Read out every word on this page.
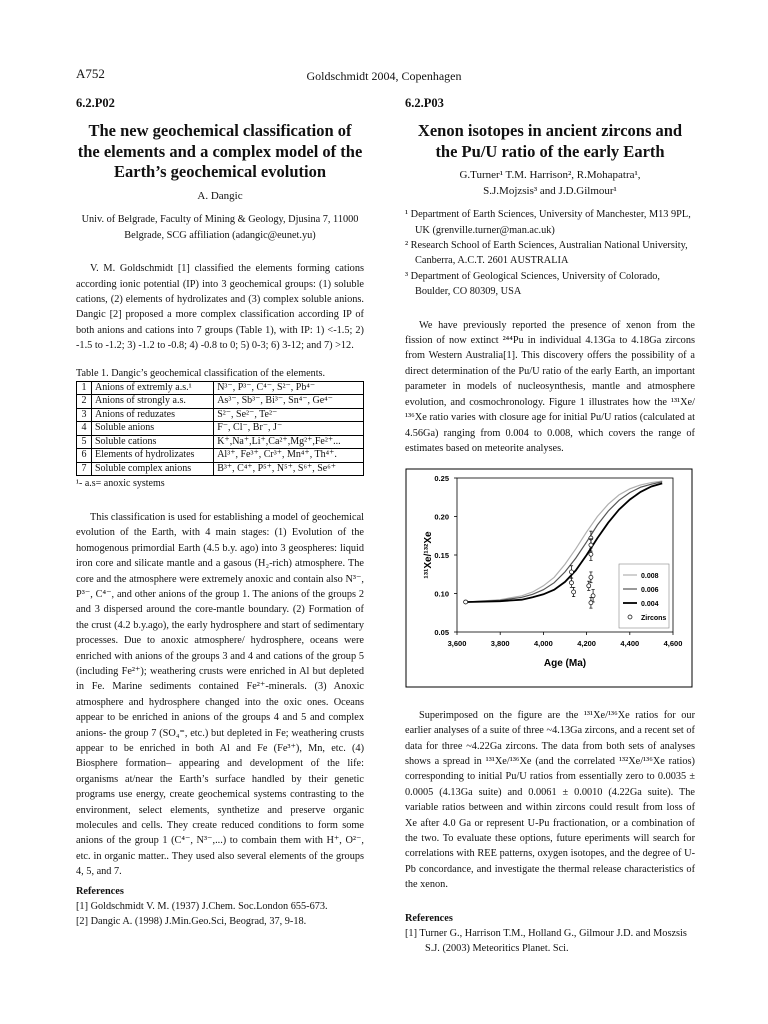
A752	Goldschmidt 2004, Copenhagen
6.2.P02
The new geochemical classification of the elements and a complex model of the Earth’s geochemical evolution
A. Dangic
Univ. of Belgrade, Faculty of Mining & Geology, Djusina 7, 11000 Belgrade, SCG affiliation (adangic@eunet.yu)

V. M. Goldschmidt [1] classified the elements forming cations according ionic potential (IP) into 3 geochemical groups: (1) soluble cations, (2) elements of hydrolizates and (3) complex soluble anions. Dangic [2] proposed a more complex classification according IP of both anions and cations into 7 groups (Table 1), with IP: 1) <-1.5; 2) -1.5 to -1.2; 3) -1.2 to -0.8; 4) -0.8 to 0; 5) 0-3; 6) 3-12; and 7) >12.

Table 1. Dangic’s geochemical classification of the elements.
1	Anions of extremly a.s.¹	N³⁻, P³⁻, C⁴⁻, S²⁻, Pb⁴⁻
2	Anions of strongly a.s.	As³⁻, Sb³⁻, Bi³⁻, Sn⁴⁻, Ge⁴⁻
3	Anions of reduzates	S²⁻, Se²⁻, Te²⁻
4	Soluble anions	F⁻, Cl⁻, Br⁻, J⁻
5	Soluble cations	K⁺,Na⁺,Li⁺,Ca²⁺,Mg²⁺,Fe²⁺...
6	Elements of hydrolizates	Al³⁺, Fe³⁺, Cr³⁺, Mn⁴⁺, Th⁴⁺.
7	Soluble complex anions	B³⁺, C⁴⁺, P⁵⁺, N⁵⁺, S⁶⁺, Se⁶⁺
¹- a.s= anoxic systems

This classification is used for establishing a model of geochemical evolution of the Earth, with 4 main stages: (1) Evolution of the homogenous primordial Earth (4.5 b.y. ago) into 3 geospheres: liquid iron core and silicate mantle and a gasous (H₂-rich) atmosphere. The core and the atmosphere were extremely anoxic and contain also N³⁻, P³⁻, C⁴⁻, and other anions of the group 1. The anions of the groups 2 and 3 dispersed around the core-mantle boundary. (2) Formation of the crust (4.2 b.y.ago), the early hydrosphere and start of sedimentary processes. Due to anoxic atmosphere/ hydrosphere, oceans were enriched with anions of the groups 3 and 4 and cations of the group 5 (including Fe²⁺); weathering crusts were enriched in Al but depleted in Fe. Marine sediments contained Fe²⁺-minerals. (3) Anoxic atmosphere and hydrosphere changed into the oxic ones. Oceans appear to be enriched in anions of the groups 4 and 5 and complex anions- the group 7 (SO₄⁼, etc.) but depleted in Fe; weathering crusts appear to be enriched in both Al and Fe (Fe³⁺), Mn, etc. (4) Biosphere formation– appearing and development of the life: organisms at/near the Earth’s surface handled by their genetic programs use energy, create geochemical systems contrasting to the environment, select elements, synthetize and preserve organic molecules and cells. They create reduced conditions to form some anions of the group 1 (C⁴⁻, N³⁻,...) to combain them with H⁺, O²⁻, etc. in organic matter.. They used also several elements of the groups 4, 5, and 7.

References
[1] Goldschmidt V. M. (1937) J.Chem. Soc.London 655-673.
[2] Dangic A. (1998) J.Min.Geo.Sci, Beograd, 37, 9-18.
6.2.P03
Xenon isotopes in ancient zircons and the Pu/U ratio of the early Earth
G.Turner¹ T.M. Harrison², R.Mohapatra¹,
S.J.Mojzsis³ and J.D.Gilmour¹
¹ Department of Earth Sciences, University of Manchester, M13 9PL, UK (grenville.turner@man.ac.uk)
² Research School of Earth Sciences, Australian National University, Canberra, A.C.T. 2601 AUSTRALIA
³ Department of Geological Sciences, University of Colorado, Boulder, CO 80309, USA

We have previously reported the presence of xenon from the fission of now extinct ²⁴⁴Pu in individual 4.13Ga to 4.18Ga zircons from Western Australia[1]. This discovery offers the possibility of a direct determination of the Pu/U ratio of the early Earth, an important parameter in models of nucleosynthesis, mantle and atmosphere evolution, and cosmochronology. Figure 1 illustrates how the ¹³¹Xe/¹³⁶Xe ratio varies with closure age for initial Pu/U ratios (calculated at 4.56Ga) ranging from 0.004 to 0.008, which covers the range of estimates based on meteorite analyses.

0.05
0.10
0.15
0.20
0.25
3,600	3,800	4,000	4,200	4,400	4,600
Age (Ma)
¹³¹Xe/¹³²Xe	0.008
0.006
0.004
Zircons

Superimposed on the figure are the ¹³¹Xe/¹³⁶Xe ratios for our earlier analyses of a suite of three ~4.13Ga zircons, and a recent set of data for three ~4.22Ga zircons. The data from both sets of analyses shows a spread in ¹³¹Xe/¹³⁶Xe (and the correlated ¹³²Xe/¹³⁶Xe ratios) corresponding to initial Pu/U ratios from essentially zero to 0.0035 ± 0.0005 (4.13Ga suite) and 0.0061 ± 0.0010 (4.22Ga suite). The variable ratios between and within zircons could result from loss of Xe after 4.0 Ga or represent U-Pu fractionation, or a combination of the two. To evaluate these options, future eperiments will search for correlations with REE patterns, oxygen isotopes, and the degree of U-Pb concordance, and investigate the thermal release characteristics of the xenon.

References
[1] Turner G., Harrison T.M., Holland G., Gilmour J.D. and Moszsis S.J. (2003) Meteoritics Planet. Sci.
